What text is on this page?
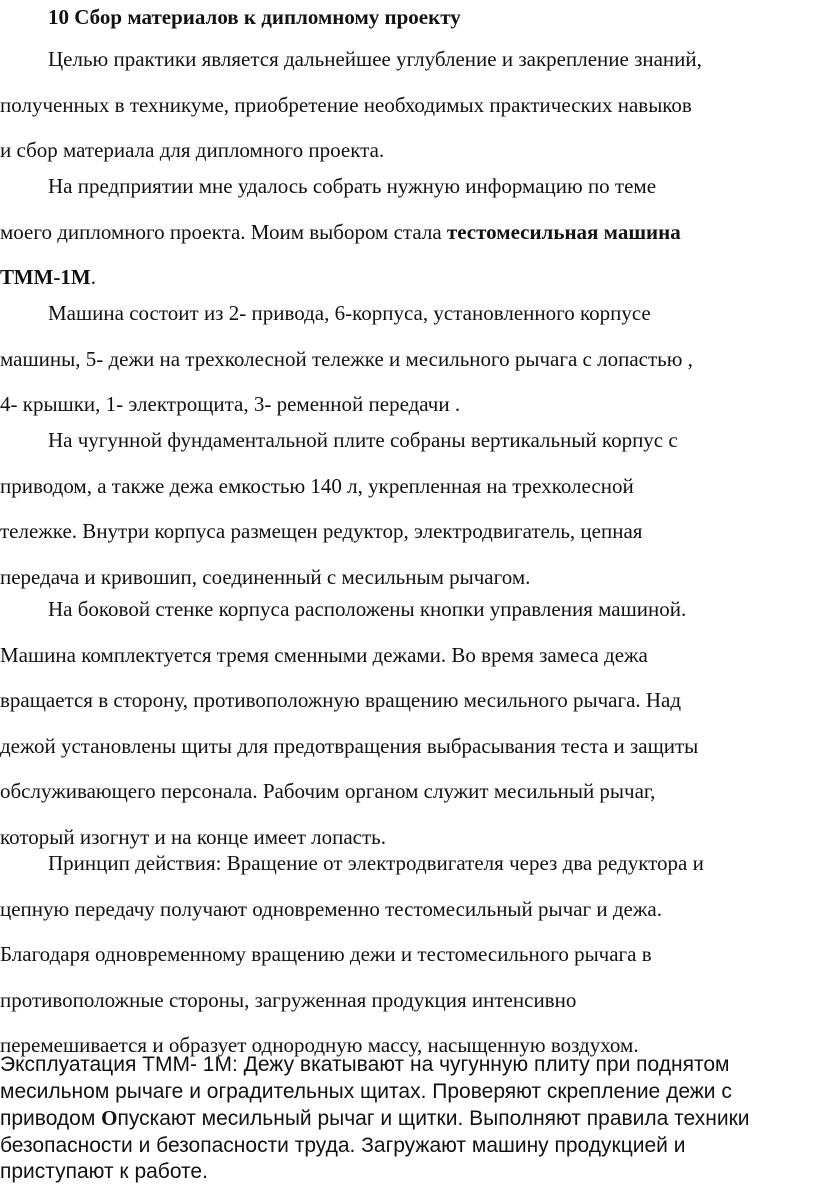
10 Сбор материалов к дипломному проекту

Целью практики является дальнейшее углубление и закрепление знаний,
полученных в техникуме, приобретение необходимых практических навыков
и сбор материала для дипломного проекта.

На предприятии мне удалось собрать нужную информацию по теме
моего дипломного проекта. Моим выбором стала тестомесильная машина
ТММ-1М.

Машина состоит из 2- привода, 6-корпуса, установленного корпусе
машины, 5- дежи на трехколесной тележке и месильного рычага с лопастью ,
4- крышки, 1- электрощита, 3- ременной передачи .

На чугунной фундаментальной плите собраны вертикальный корпус с
приводом, а также дежа емкостью 140 л, укрепленная на трехколесной
тележке. Внутри корпуса размещен редуктор, электродвигатель, цепная
передача и кривошип, соединенный с месильным рычагом.

На боковой стенке корпуса расположены кнопки управления машиной.
Машина комплектуется тремя сменными дежами. Во время замеса дежа
вращается в сторону, противоположную вращению месильного рычага. Над
дежой установлены щиты для предотвращения выбрасывания теста и защиты
обслуживающего персонала. Рабочим органом служит месильный рычаг,
который изогнут и на конце имеет лопасть.

Принцип действия: Вращение от электродвигателя через два редуктора и
цепную передачу получают одновременно тестомесильный рычаг и дежа.
Благодаря одновременному вращению дежи и тестомесильного рычага в
противоположные стороны, загруженная продукция интенсивно
перемешивается и образует однородную массу, насыщенную воздухом.

Эксплуатация ТММ- 1М: Дежу вкатывают на чугунную плиту при поднятом
месильном рычаге и оградительных щитах. Проверяют скрепление дежи с
приводом Опускают месильный рычаг и щитки. Выполняют правила техники
безопасности и безопасности труда. Загружают машину продукцией и
приступают к работе.
